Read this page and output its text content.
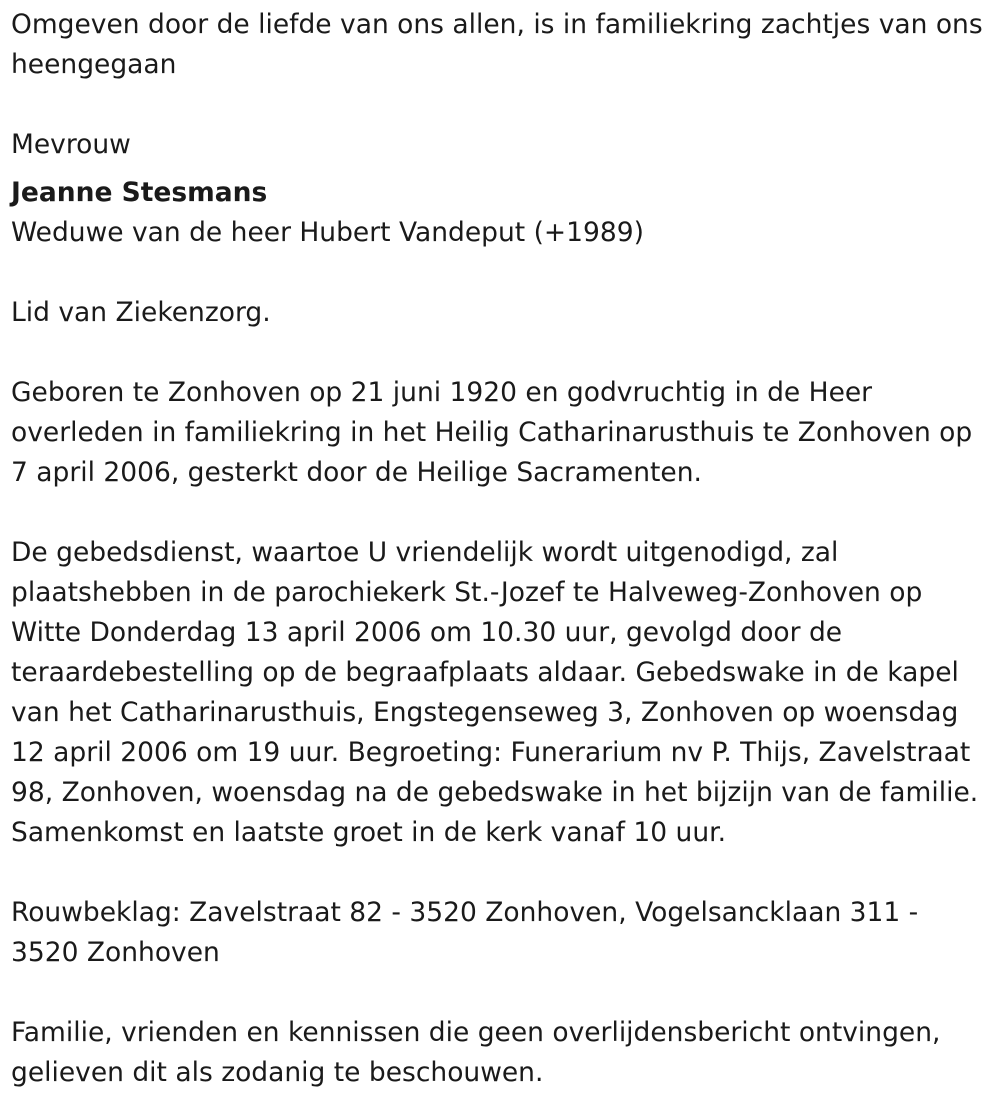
Omgeven door de liefde van ons allen, is in familiekring zachtjes van ons heengegaan

Mevrouw

Jeanne Stesmans

Weduwe van de heer Hubert Vandeput (+1989)

Lid van Ziekenzorg.

Geboren te Zonhoven op 21 juni 1920 en godvruchtig in de Heer overleden in familiekring in het Heilig Catharinarusthuis te Zonhoven op 7 april 2006, gesterkt door de Heilige Sacramenten.

De gebedsdienst, waartoe U vriendelijk wordt uitgenodigd, zal plaatshebben in de parochiekerk St.-Jozef te Halveweg-Zonhoven op Witte Donderdag 13 april 2006 om 10.30 uur, gevolgd door de teraardebestelling op de begraafplaats aldaar. Gebedswake in de kapel van het Catharinarusthuis, Engstegenseweg 3, Zonhoven op woensdag 12 april 2006 om 19 uur. Begroeting: Funerarium nv P. Thijs, Zavelstraat 98, Zonhoven, woensdag na de gebedswake in het bijzijn van de familie. Samenkomst en laatste groet in de kerk vanaf 10 uur.

Rouwbeklag: Zavelstraat 82 - 3520 Zonhoven, Vogelsancklaan 311 - 3520 Zonhoven

Familie, vrienden en kennissen die geen overlijdensbericht ontvingen, gelieven dit als zodanig te beschouwen.
